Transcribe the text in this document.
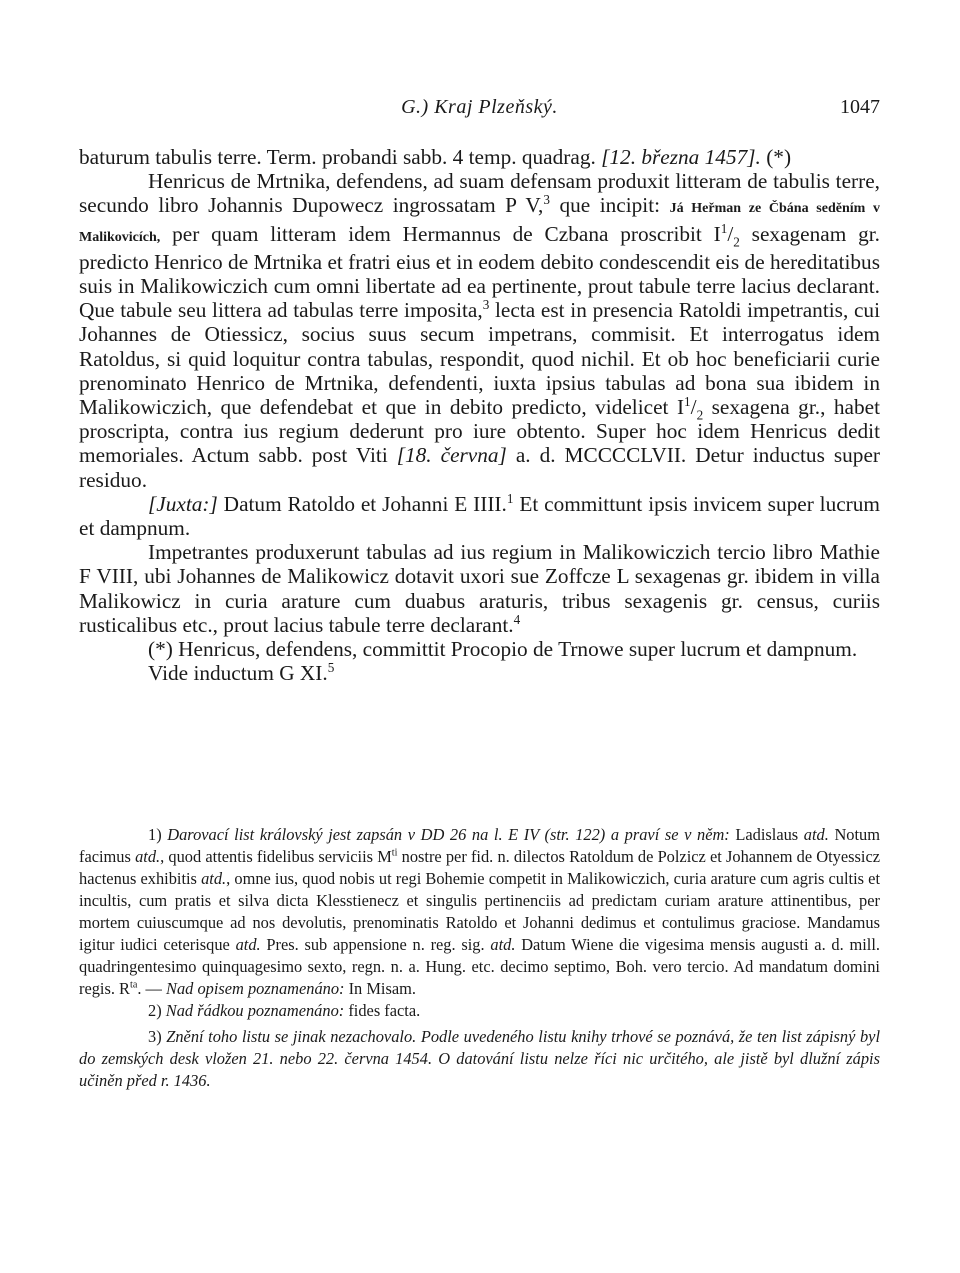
G.) Kraj Plzeňský.	1047

baturum tabulis terre. Term. probandi sabb. 4 temp. quadrag. [12. března 1457]. (*)

Henricus de Mrtnika, defendens, ad suam defensam produxit litteram de tabulis terre, secundo libro Johannis Dupowecz ingrossatam P V,$^3$ que incipit: Já Heřman ze Čbána seděním v Malikovicích, per quam litteram idem Hermannus de Czbana proscribit $I^1/_2$ sexagenam gr. predicto Henrico de Mrtnika et fratri eius et in eodem debito condescendit eis de hereditatibus suis in Malikowiczich cum omni libertate ad ea pertinente, prout tabule terre lacius declarant. Que tabule seu littera ad tabulas terre imposita,$^3$ lecta est in presencia Ratoldi impetrantis, cui Johannes de Otiessicz, socius suus secum impetrans, commisit. Et interrogatus idem Ratoldus, si quid loquitur contra tabulas, respondit, quod nichil. Et ob hoc beneficiarii curie prenominato Henrico de Mrtnika, defendenti, iuxta ipsius tabulas ad bona sua ibidem in Malikowiczich, que defendebat et que in debito predicto, videlicet $I^1/_2$ sexagena gr., habet proscripta, contra ius regium dederunt pro iure obtento. Super hoc idem Henricus dedit memoriales. Actum sabb. post Viti [18. června] a. d. MCCCCLVII. Detur inductus super residuo.

[Juxta:] Datum Ratoldo et Johanni E IIII.$^1$ Et committunt ipsis invicem super lucrum et dampnum.

Impetrantes produxerunt tabulas ad ius regium in Malikowiczich tercio libro Mathie F VIII, ubi Johannes de Malikowicz dotavit uxori sue Zoffcze L sexagenas gr. ibidem in villa Malikowicz in curia arature cum duabus araturis, tribus sexagenis gr. census, curiis rusticalibus etc., prout lacius tabule terre declarant.$^4$

(*) Henricus, defendens, committit Procopio de Trnowe super lucrum et dampnum.

Vide inductum G XI.$^5$

1) Darovací list královský jest zapsán v DD 26 na l. E IV (str. 122) a praví se v něm: Ladislaus atd. Notum facimus atd., quod attentis fidelibus serviciis $M^{ti}$ nostre per fid. n. dilectos Ratoldum de Polzicz et Johannem de Otyessicz hactenus exhibitis atd., omne ius, quod nobis ut regi Bohemie competit in Malikowiczich, curia arature cum agris cultis et incultis, cum pratis et silva dicta Klesstienecz et singulis pertinenciis ad predictam curiam arature attinentibus, per mortem cuiuscumque ad nos devolutis, prenominatis Ratoldo et Johanni dedimus et contulimus graciose. Mandamus igitur iudici ceterisque atd. Pres. sub appensione n. reg. sig. atd. Datum Wiene die vigesima mensis augusti a. d. mill. quadringentesimo quinquagesimo sexto, regn. n. a. Hung. etc. decimo septimo, Boh. vero tercio. Ad mandatum domini regis. $R^{ta}$. — Nad opisem poznamenáno: In Misam.

2) Nad řádkou poznamenáno: fides facta.

3) Znění toho listu se jinak nezachovalo. Podle uvedeného listu knihy trhové se poznává, že ten list zápisný byl do zemských desk vložen 21. nebo 22. června 1454. O datování listu nelze říci nic určitého, ale jistě byl dlužní zápis učiněn před r. 1436.
